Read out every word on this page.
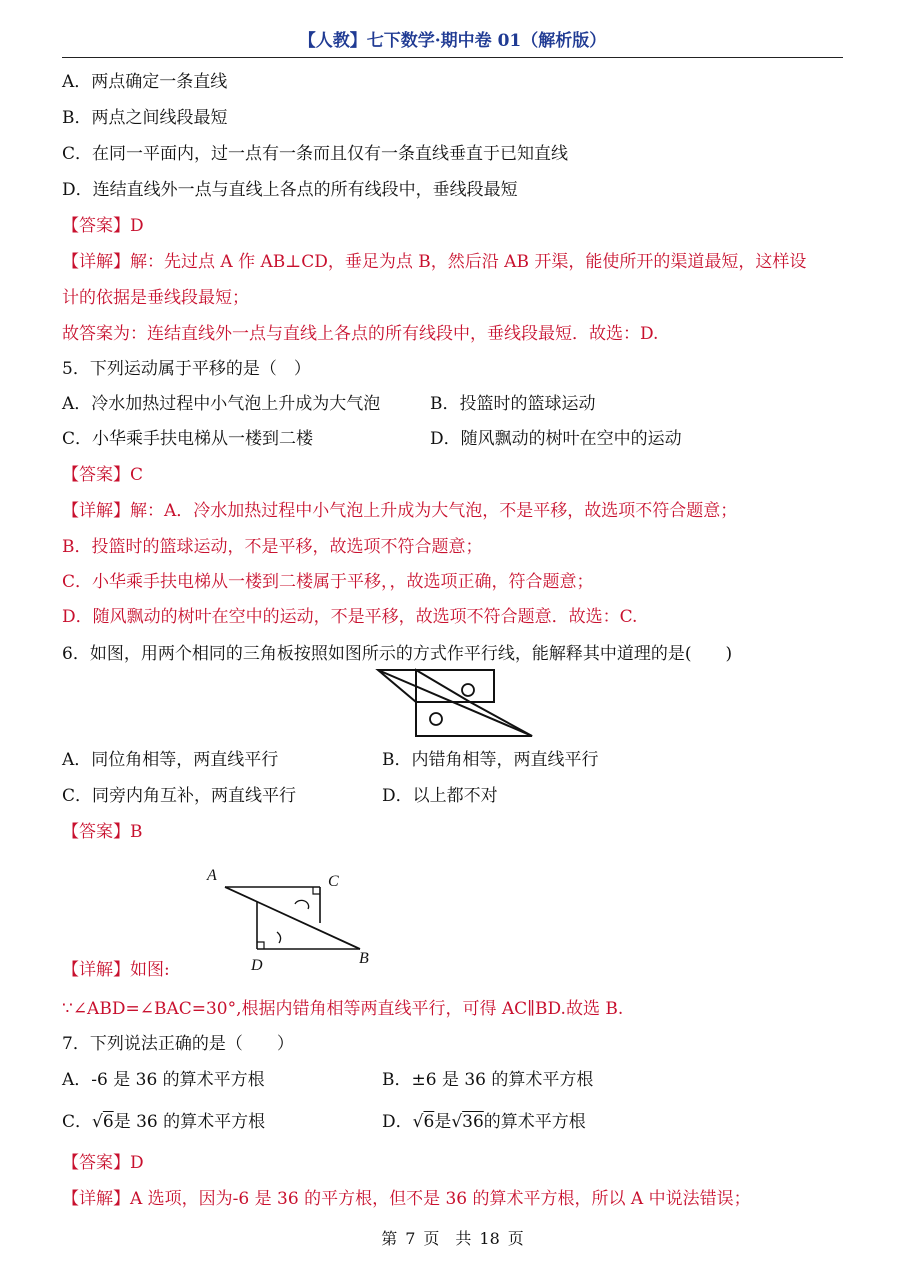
【人教】七下数学·期中卷 01（解析版）
A．两点确定一条直线
B．两点之间线段最短
C．在同一平面内，过一点有一条而且仅有一条直线垂直于已知直线
D．连结直线外一点与直线上各点的所有线段中，垂线段最短
【答案】D
【详解】解：先过点 A 作 AB⊥CD，垂足为点 B，然后沿 AB 开渠，能使所开的渠道最短，这样设
计的依据是垂线段最短；
故答案为：连结直线外一点与直线上各点的所有线段中，垂线段最短．故选：D.
5．下列运动属于平移的是（　）
A．冷水加热过程中小气泡上升成为大气泡	B．投篮时的篮球运动
C．小华乘手扶电梯从一楼到二楼	D．随风飘动的树叶在空中的运动
【答案】C
【详解】解：A．冷水加热过程中小气泡上升成为大气泡，不是平移，故选项不符合题意；
B．投篮时的篮球运动，不是平移，故选项不符合题意；
C．小华乘手扶电梯从一楼到二楼属于平移，，故选项正确，符合题意；
D．随风飘动的树叶在空中的运动，不是平移，故选项不符合题意．故选：C.
6．如图，用两个相同的三角板按照如图所示的方式作平行线，能解释其中道理的是(　　)
A．同位角相等，两直线平行	B．内错角相等，两直线平行
C．同旁内角互补，两直线平行	D．以上都不对
【答案】B
A	C
D	B
【详解】如图:
∵∠ABD=∠BAC=30°,根据内错角相等两直线平行，可得 AC∥BD.故选 B.
7．下列说法正确的是（　　）
A．-6 是 36 的算术平方根	B．±6 是 36 的算术平方根
C．√6是 36 的算术平方根	D．√6是√36的算术平方根
【答案】D
【详解】A 选项，因为-6 是 36 的平方根，但不是 36 的算术平方根，所以 A 中说法错误；
第 7 页　共 18 页
